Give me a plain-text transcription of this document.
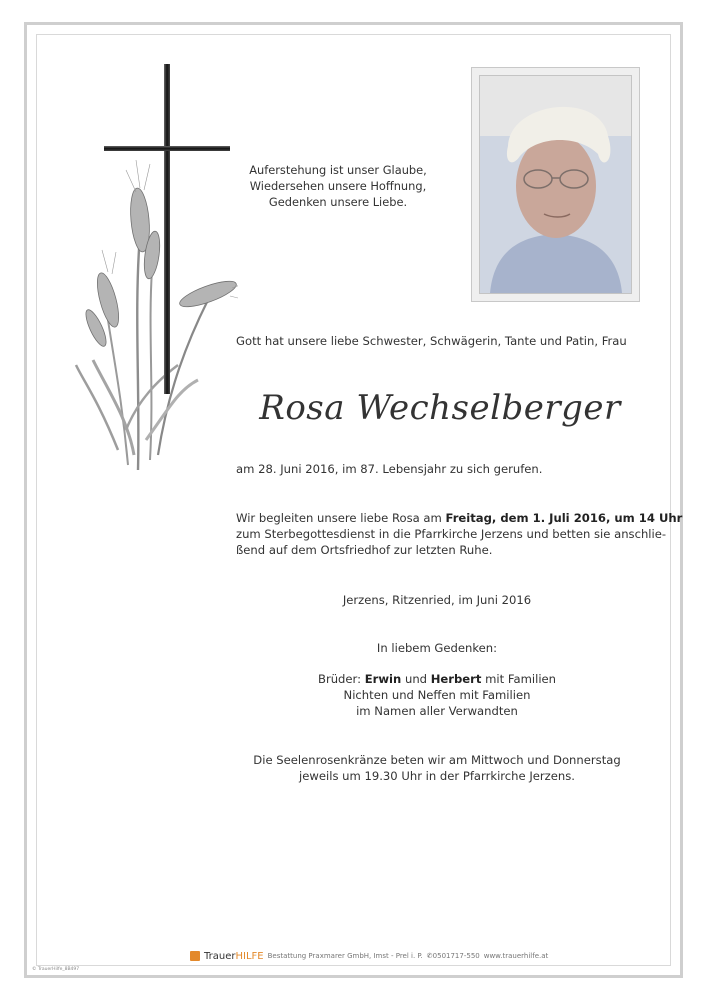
Auferstehung ist unser Glaube,
Wiedersehen unsere Hoffnung,
Gedenken unsere Liebe.
Gott hat unsere liebe Schwester, Schwägerin, Tante und Patin, Frau
Rosa Wechselberger
am 28. Juni 2016, im 87. Lebensjahr zu sich gerufen.
Wir begleiten unsere liebe Rosa am Freitag, dem 1. Juli 2016, um 14 Uhr
zum Sterbegottesdienst in die Pfarrkirche Jerzens und betten sie anschlie-
ßend auf dem Ortsfriedhof zur letzten Ruhe.
Jerzens, Ritzenried, im Juni 2016
In liebem Gedenken:
Brüder: Erwin und Herbert mit Familien
Nichten und Neffen mit Familien
im Namen aller Verwandten
Die Seelenrosenkränze beten wir am Mittwoch und Donnerstag
jeweils um 19.30 Uhr in der Pfarrkirche Jerzens.
TrauerHILFE Bestattung Praxmarer GmbH, Imst - Prel i. P. ✆0501717-550 www.trauerhilfe.at
© TrauerHilfe_8B497
